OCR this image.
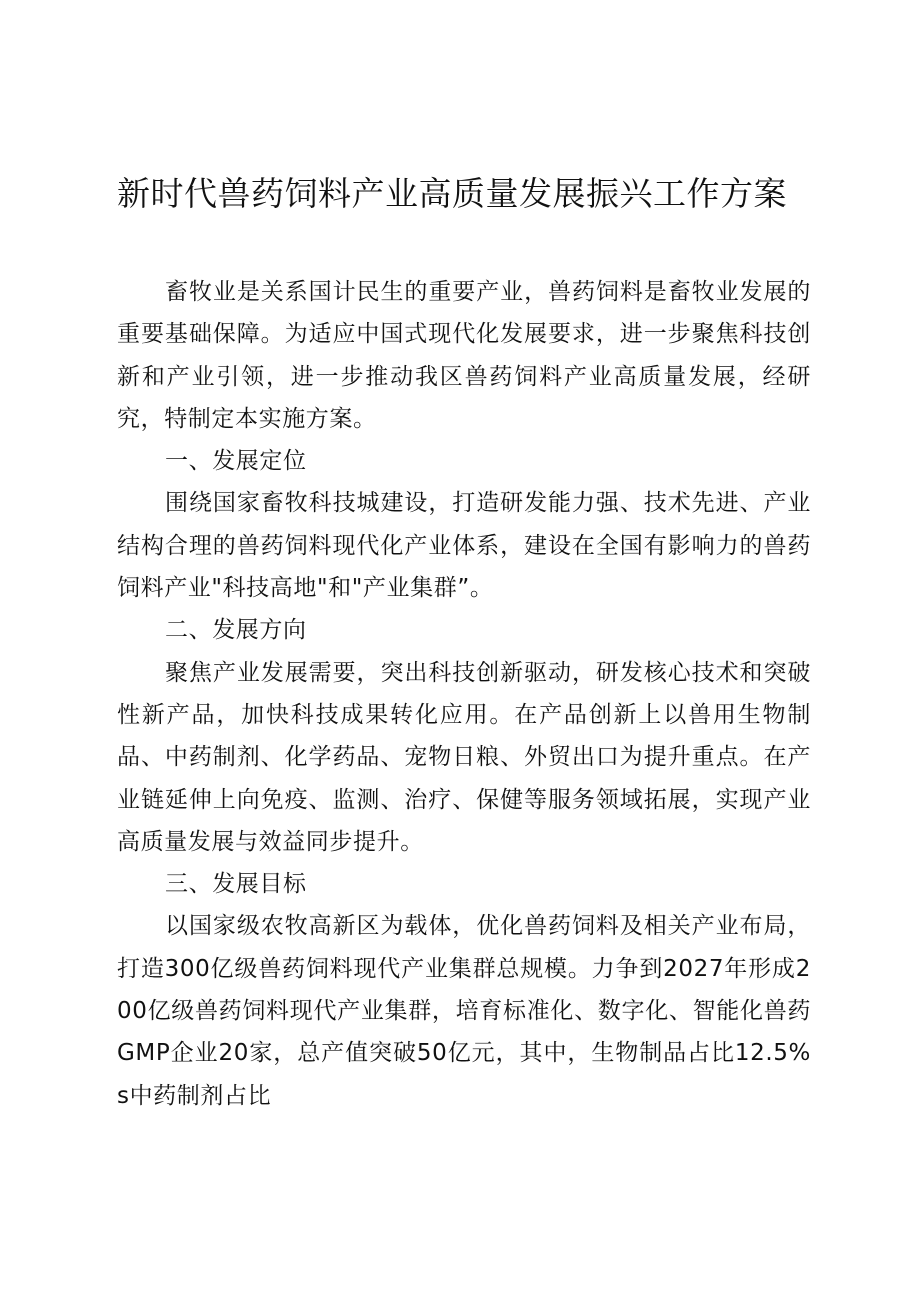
新时代兽药饲料产业高质量发展振兴工作方案

畜牧业是关系国计民生的重要产业，兽药饲料是畜牧业发展的重要基础保障。为适应中国式现代化发展要求，进一步聚焦科技创新和产业引领，进一步推动我区兽药饲料产业高质量发展，经研究，特制定本实施方案。

一、发展定位

围绕国家畜牧科技城建设，打造研发能力强、技术先进、产业结构合理的兽药饲料现代化产业体系，建设在全国有影响力的兽药饲料产业"科技高地"和"产业集群”。

二、发展方向

聚焦产业发展需要，突出科技创新驱动，研发核心技术和突破性新产品，加快科技成果转化应用。在产品创新上以兽用生物制品、中药制剂、化学药品、宠物日粮、外贸出口为提升重点。在产业链延伸上向免疫、监测、治疗、保健等服务领域拓展，实现产业高质量发展与效益同步提升。

三、发展目标

以国家级农牧高新区为载体，优化兽药饲料及相关产业布局，打造300亿级兽药饲料现代产业集群总规模。力争到2027年形成200亿级兽药饲料现代产业集群，培育标准化、数字化、智能化兽药GMP企业20家，总产值突破50亿元，其中，生物制品占比12.5%s中药制剂占比
